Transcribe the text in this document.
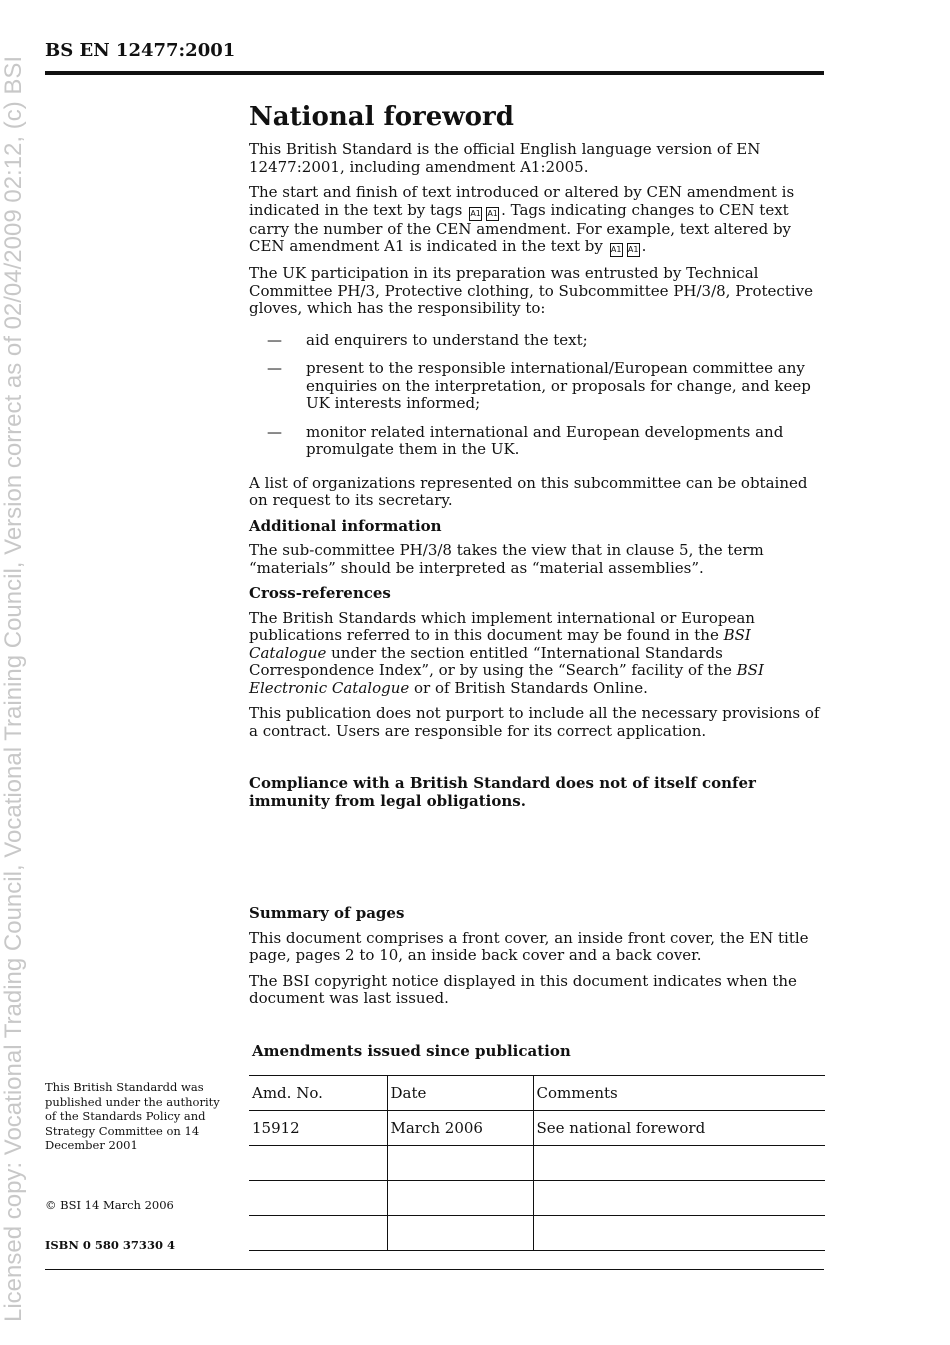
Licensed copy: Vocational Trading Council, Vocational Training Council, Version correct as of 02/04/2009 02:12, (c) BSI
BS EN 12477:2001
National foreword

This British Standard is the official English language version of EN 12477:2001, including amendment A1:2005.

The start and finish of text introduced or altered by CEN amendment is indicated in the text by tags A1 A1 . Tags indicating changes to CEN text carry the number of the CEN amendment. For example, text altered by CEN amendment A1 is indicated in the text by A1 A1 .

The UK participation in its preparation was entrusted by Technical Committee PH/3, Protective clothing, to Subcommittee PH/3/8, Protective gloves, which has the responsibility to:

— aid enquirers to understand the text;
— present to the responsible international/European committee any enquiries on the interpretation, or proposals for change, and keep UK interests informed;
— monitor related international and European developments and promulgate them in the UK.

A list of organizations represented on this subcommittee can be obtained on request to its secretary.

Additional information

The sub-committee PH/3/8 takes the view that in clause 5, the term “materials” should be interpreted as “material assemblies”.

Cross-references

The British Standards which implement international or European publications referred to in this document may be found in the BSI Catalogue under the section entitled “International Standards Correspondence Index”, or by using the “Search” facility of the BSI Electronic Catalogue or of British Standards Online.

This publication does not purport to include all the necessary provisions of a contract. Users are responsible for its correct application.

Compliance with a British Standard does not of itself confer immunity from legal obligations.

Summary of pages

This document comprises a front cover, an inside front cover, the EN title page, pages 2 to 10, an inside back cover and a back cover.

The BSI copyright notice displayed in this document indicates when the document was last issued.

Amendments issued since publication
Amd. No.	Date	Comments
15912	March 2006	See national foreword

This British Standardd was published under the authority of the Standards Policy and Strategy Committee on 14 December 2001
© BSI 14 March 2006
ISBN 0 580 37330 4
